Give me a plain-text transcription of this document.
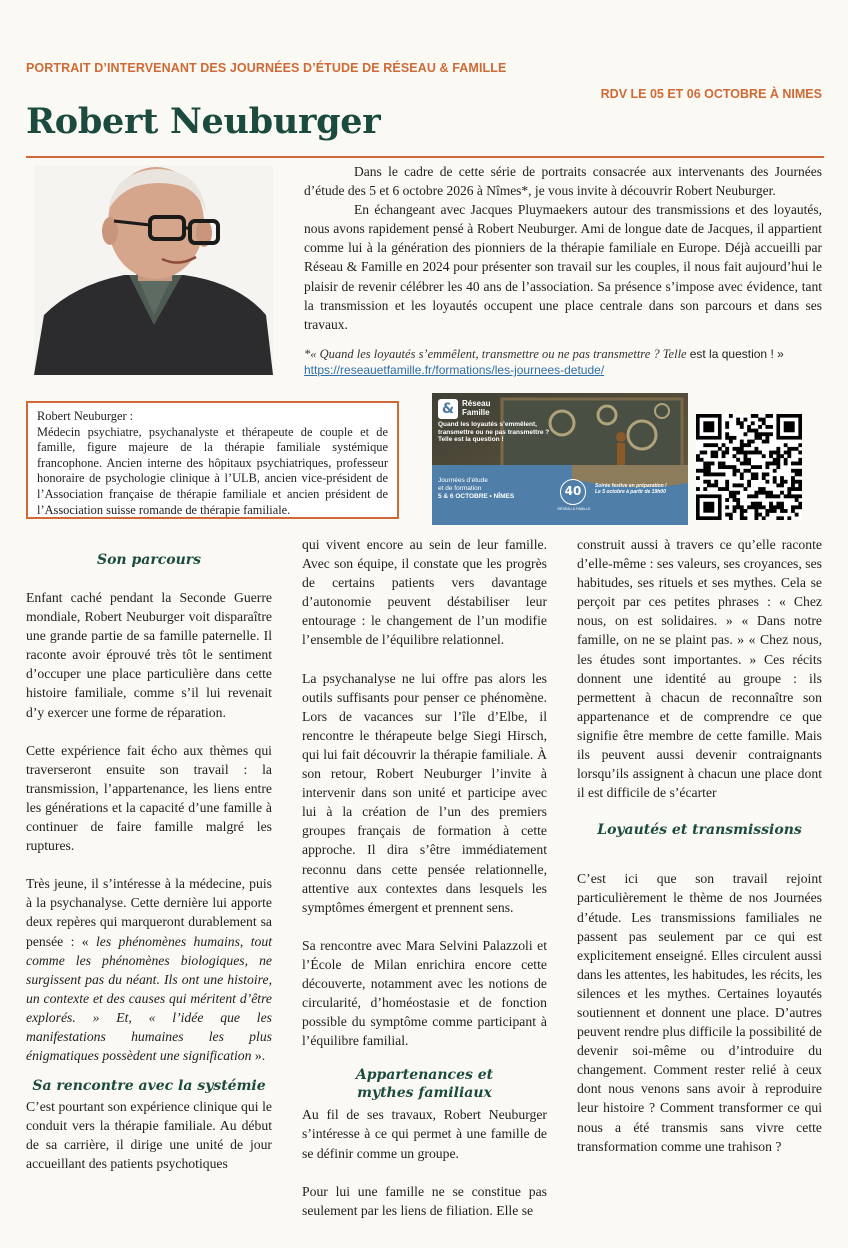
PORTRAIT D’INTERVENANT DES JOURNÉES D’ÉTUDE DE RÉSEAU & FAMILLE
RDV LE 05 ET 06 OCTOBRE À NIMES
Robert Neuburger

Dans le cadre de cette série de portraits consacrée aux intervenants des Journées d’étude des 5 et 6 octobre 2026 à Nîmes*, je vous invite à découvrir Robert Neuburger.

En échangeant avec Jacques Pluymaekers autour des transmissions et des loyautés, nous avons rapidement pensé à Robert Neuburger. Ami de longue date de Jacques, il appartient comme lui à la génération des pionniers de la thérapie familiale en Europe. Déjà accueilli par Réseau & Famille en 2024 pour présenter son travail sur les couples, il nous fait aujourd’hui le plaisir de revenir célébrer les 40 ans de l’association. Sa présence s’impose avec évidence, tant la transmission et les loyautés occupent une place centrale dans son parcours et dans ses travaux.

*« Quand les loyautés s’emmêlent, transmettre ou ne pas transmettre ? Telle est la question ! »
https://reseauetfamille.fr/formations/les-journees-detude/
Robert Neuburger :
Médecin psychiatre, psychanalyste et thérapeute de couple et de famille, figure majeure de la thérapie familiale systémique francophone. Ancien interne des hôpitaux psychiatriques, professeur honoraire de psychologie clinique à l’ULB, ancien vice-président de l’Association française de thérapie familiale et ancien président de l’Association suisse romande de thérapie familiale.
& Réseau
Famille
Quand les loyautés s’emmêlent,
transmettre ou ne pas transmettre ?
Telle est la question !
Journées d’étude
et de formation
5 & 6 OCTOBRE • NÎMES	40
RÉSEAU & FAMILLE
Soirée festive en préparation !
Le 5 octobre à partir de 19h00
Son parcours

Enfant caché pendant la Seconde Guerre mondiale, Robert Neuburger voit disparaître une grande partie de sa famille paternelle. Il raconte avoir éprouvé très tôt le sentiment d’occuper une place particulière dans cette histoire familiale, comme s’il lui revenait d’y exercer une forme de réparation.

Cette expérience fait écho aux thèmes qui traverseront ensuite son travail : la transmission, l’appartenance, les liens entre les générations et la capacité d’une famille à continuer de faire famille malgré les ruptures.

Très jeune, il s’intéresse à la médecine, puis à la psychanalyse. Cette dernière lui apporte deux repères qui marqueront durablement sa pensée : « les phénomènes humains, tout comme les phénomènes biologiques, ne surgissent pas du néant. Ils ont une histoire, un contexte et des causes qui méritent d’être explorés. » Et, « l’idée que les manifestations humaines les plus énigmatiques possèdent une signification ».

Sa rencontre avec la systémie

C’est pourtant son expérience clinique qui le conduit vers la thérapie familiale. Au début de sa carrière, il dirige une unité de jour accueillant des patients psychotiques

qui vivent encore au sein de leur famille. Avec son équipe, il constate que les progrès de certains patients vers davantage d’autonomie peuvent déstabiliser leur entourage : le changement de l’un modifie l’ensemble de l’équilibre relationnel.

La psychanalyse ne lui offre pas alors les outils suffisants pour penser ce phénomène. Lors de vacances sur l’île d’Elbe, il rencontre le thérapeute belge Siegi Hirsch, qui lui fait découvrir la thérapie familiale. À son retour, Robert Neuburger l’invite à intervenir dans son unité et participe avec lui à la création de l’un des premiers groupes français de formation à cette approche. Il dira s’être immédiatement reconnu dans cette pensée relationnelle, attentive aux contextes dans lesquels les symptômes émergent et prennent sens.

Sa rencontre avec Mara Selvini Palazzoli et l’École de Milan enrichira encore cette découverte, notamment avec les notions de circularité, d’homéostasie et de fonction possible du symptôme comme participant à l’équilibre familial.

Appartenances et mythes familiaux

Au fil de ses travaux, Robert Neuburger s’intéresse à ce qui permet à une famille de se définir comme un groupe.

Pour lui une famille ne se constitue pas seulement par les liens de filiation. Elle se

construit aussi à travers ce qu’elle raconte d’elle-même : ses valeurs, ses croyances, ses habitudes, ses rituels et ses mythes. Cela se perçoit par ces petites phrases : « Chez nous, on est solidaires. » « Dans notre famille, on ne se plaint pas. » « Chez nous, les études sont importantes. » Ces récits donnent une identité au groupe : ils permettent à chacun de reconnaître son appartenance et de comprendre ce que signifie être membre de cette famille. Mais ils peuvent aussi devenir contraignants lorsqu’ils assignent à chacun une place dont il est difficile de s’écarter

Loyautés et transmissions

C’est ici que son travail rejoint particulièrement le thème de nos Journées d’étude. Les transmissions familiales ne passent pas seulement par ce qui est explicitement enseigné. Elles circulent aussi dans les attentes, les habitudes, les récits, les silences et les mythes. Certaines loyautés soutiennent et donnent une place. D’autres peuvent rendre plus difficile la possibilité de devenir soi-même ou d’introduire du changement. Comment rester relié à ceux dont nous venons sans avoir à reproduire leur histoire ? Comment transformer ce qui nous a été transmis sans vivre cette transformation comme une trahison ?
